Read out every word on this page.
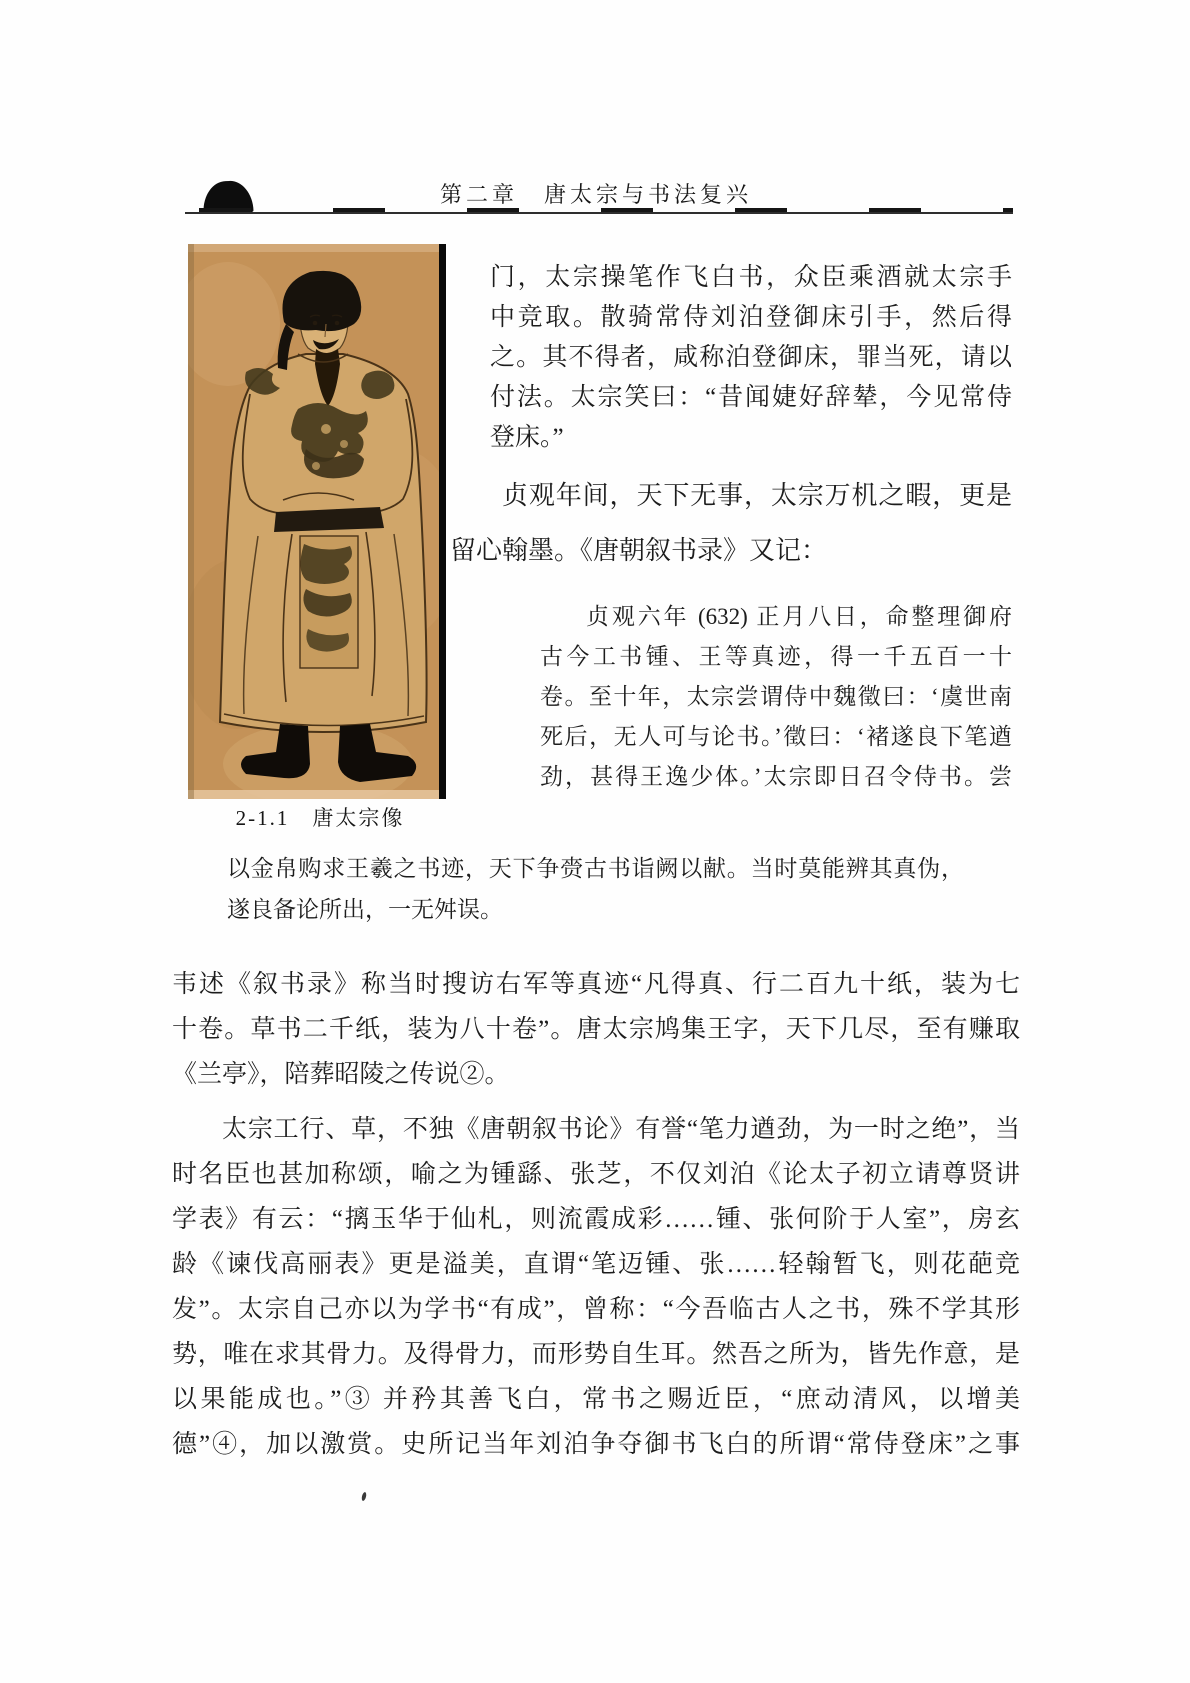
第二章　唐太宗与书法复兴
2-1.1　唐太宗像
门，太宗操笔作飞白书，众臣乘酒就太宗手
中竞取。散骑常侍刘泊登御床引手，然后得
之。其不得者，咸称泊登御床，罪当死，请以
付法。太宗笑曰：“昔闻婕好辞辇，今见常侍
登床。”
贞观年间，天下无事，太宗万机之暇，更是
留心翰墨。《唐朝叙书录》又记：
贞观六年 (632) 正月八日，命整理御府
古今工书锺、王等真迹，得一千五百一十
卷。至十年，太宗尝谓侍中魏徵曰：‘虞世南
死后，无人可与论书。’徵曰：‘褚遂良下笔遒
劲，甚得王逸少体。’太宗即日召令侍书。尝
以金帛购求王羲之书迹，天下争赍古书诣阙以献。当时莫能辨其真伪，
遂良备论所出，一无舛误。
韦述《叙书录》称当时搜访右军等真迹“凡得真、行二百九十纸，装为七
十卷。草书二千纸，装为八十卷”。唐太宗鸠集王字，天下几尽，至有赚取
《兰亭》，陪葬昭陵之传说②。
太宗工行、草，不独《唐朝叙书论》有誉“笔力遒劲，为一时之绝”，当
时名臣也甚加称颂，喻之为锺繇、张芝，不仅刘泊《论太子初立请尊贤讲
学表》有云：“摛玉华于仙札，则流霞成彩……锺、张何阶于人室”，房玄
龄《谏伐高丽表》更是溢美，直谓“笔迈锺、张……轻翰暂飞，则花葩竞
发”。太宗自己亦以为学书“有成”，曾称：“今吾临古人之书，殊不学其形
势，唯在求其骨力。及得骨力，而形势自生耳。然吾之所为，皆先作意，是
以果能成也。”③ 并矜其善飞白，常书之赐近臣，“庶动清风，以增美
德”④，加以激赏。史所记当年刘泊争夺御书飞白的所谓“常侍登床”之事
